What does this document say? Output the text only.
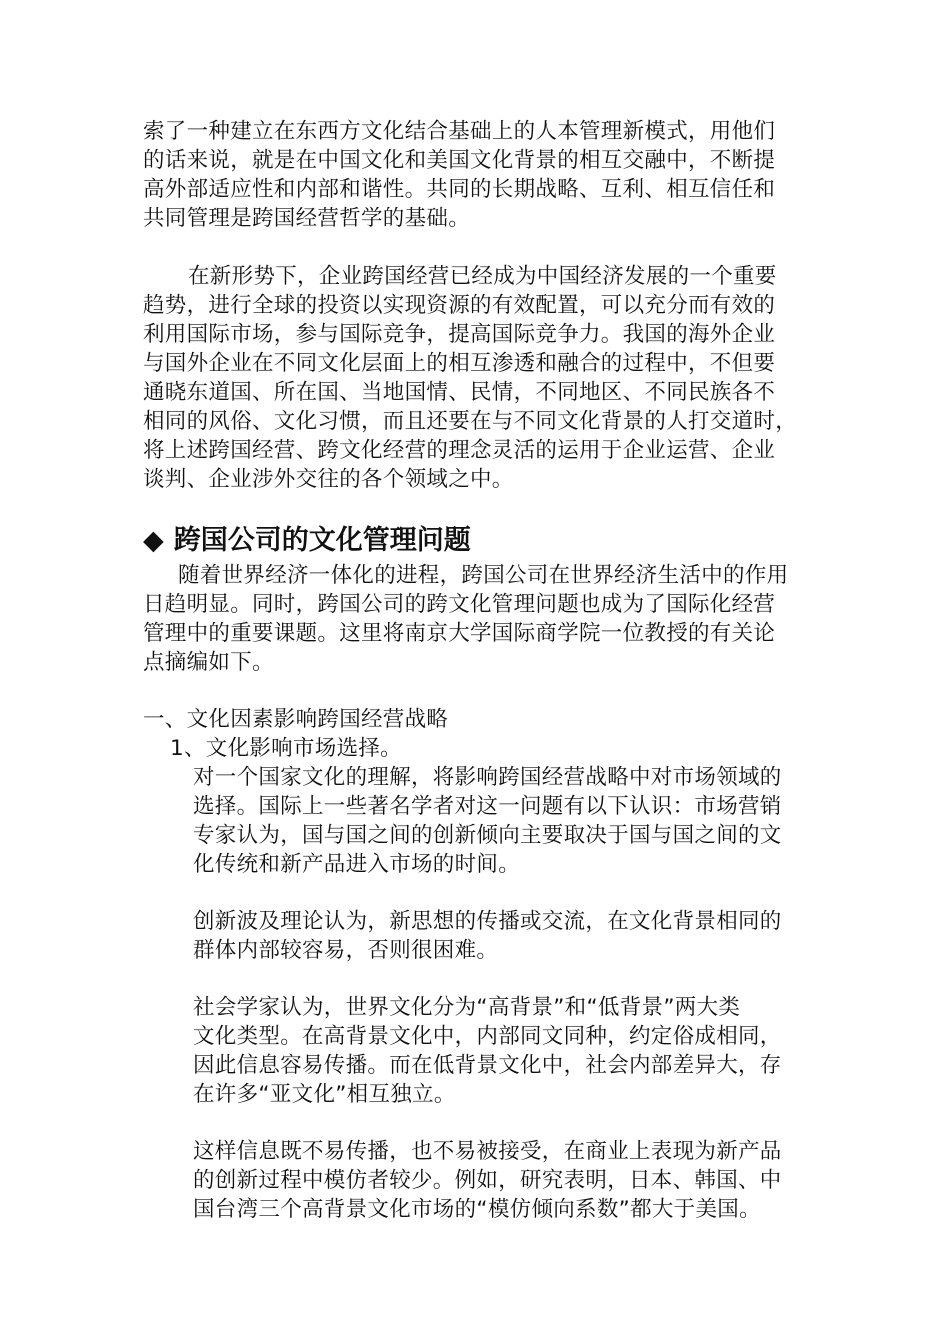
索了一种建立在东西方文化结合基础上的人本管理新模式，用他们
的话来说，就是在中国文化和美国文化背景的相互交融中，不断提
高外部适应性和内部和谐性。共同的长期战略、互利、相互信任和
共同管理是跨国经营哲学的基础。
在新形势下，企业跨国经营已经成为中国经济发展的一个重要
趋势，进行全球的投资以实现资源的有效配置，可以充分而有效的
利用国际市场，参与国际竞争，提高国际竞争力。我国的海外企业
与国外企业在不同文化层面上的相互渗透和融合的过程中，不但要
通晓东道国、所在国、当地国情、民情，不同地区、不同民族各不
相同的风俗、文化习惯，而且还要在与不同文化背景的人打交道时，
将上述跨国经营、跨文化经营的理念灵活的运用于企业运营、企业
谈判、企业涉外交往的各个领域之中。
◆ 跨国公司的文化管理问题
随着世界经济一体化的进程，跨国公司在世界经济生活中的作用
日趋明显。同时，跨国公司的跨文化管理问题也成为了国际化经营
管理中的重要课题。这里将南京大学国际商学院一位教授的有关论
点摘编如下。
一、文化因素影响跨国经营战略
1、文化影响市场选择。
对一个国家文化的理解，将影响跨国经营战略中对市场领域的
选择。国际上一些著名学者对这一问题有以下认识：市场营销
专家认为，国与国之间的创新倾向主要取决于国与国之间的文
化传统和新产品进入市场的时间。
创新波及理论认为，新思想的传播或交流，在文化背景相同的
群体内部较容易，否则很困难。
社会学家认为，世界文化分为“高背景”和“低背景”两大类
文化类型。在高背景文化中，内部同文同种，约定俗成相同，
因此信息容易传播。而在低背景文化中，社会内部差异大，存
在许多“亚文化”相互独立。
这样信息既不易传播，也不易被接受，在商业上表现为新产品
的创新过程中模仿者较少。例如，研究表明，日本、韩国、中
国台湾三个高背景文化市场的“模仿倾向系数”都大于美国。
